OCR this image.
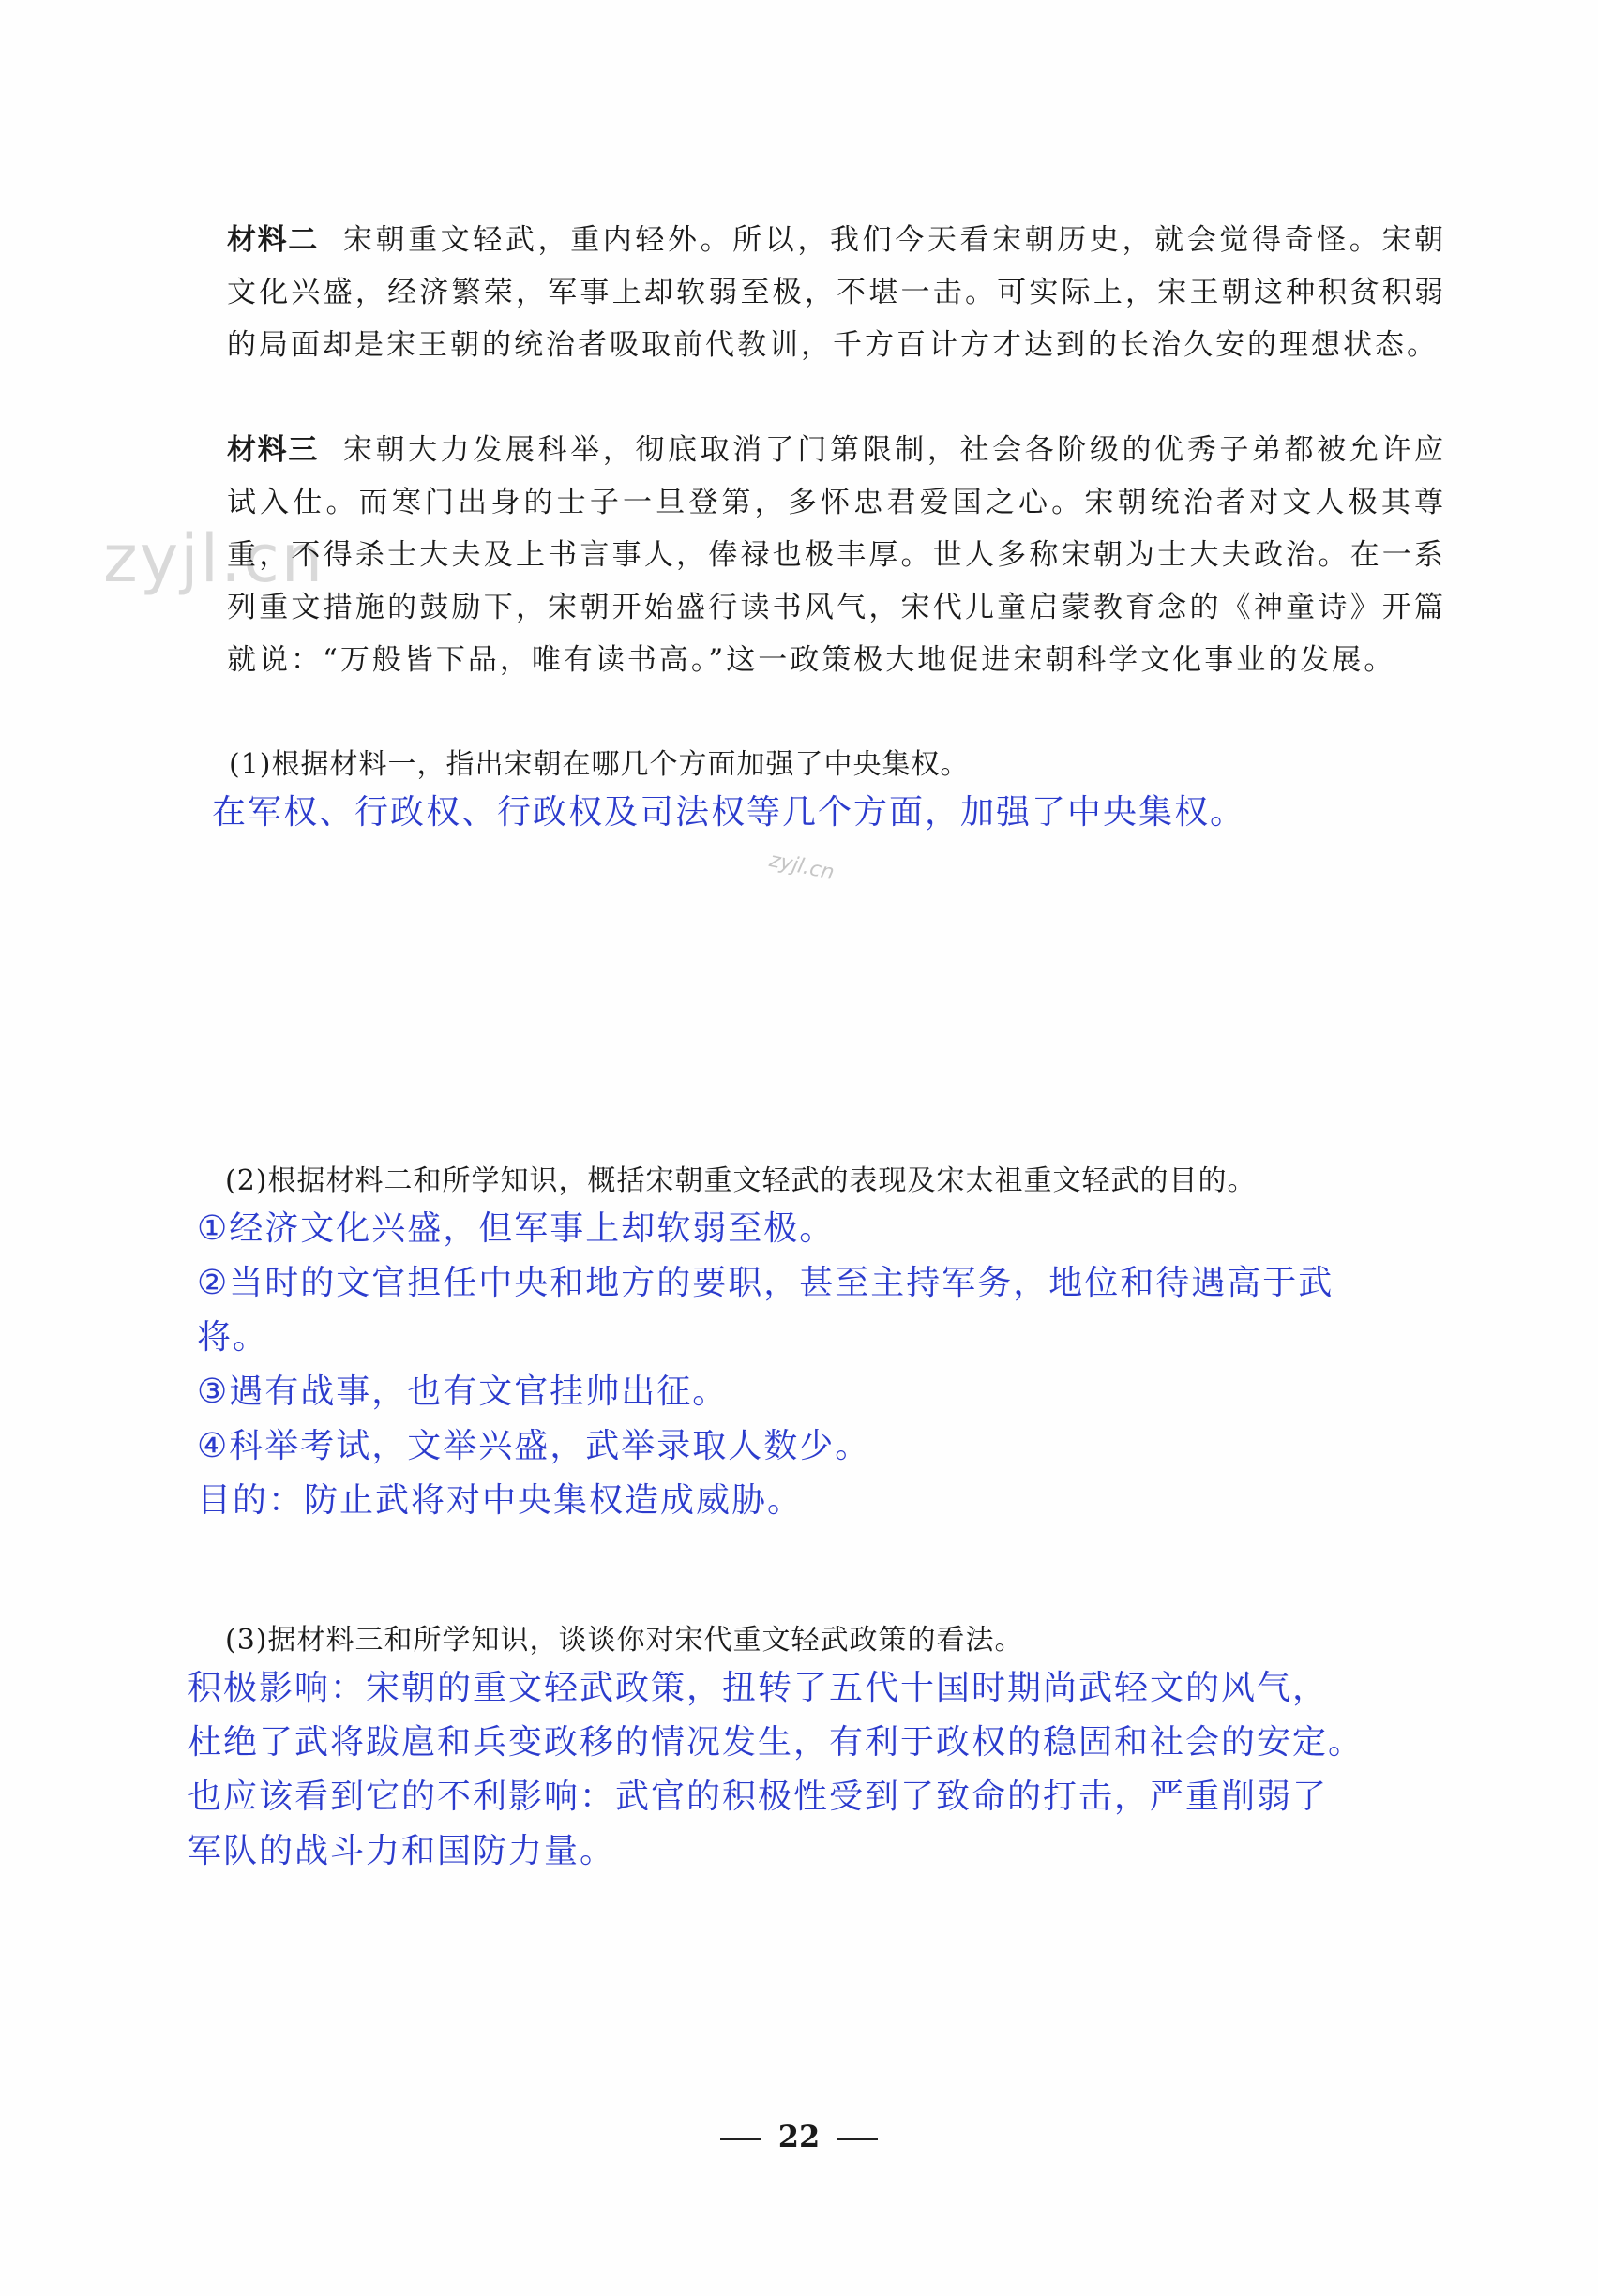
zyjl.cn
zyjl.cn
材料二 宋朝重文轻武，重内轻外。所以，我们今天看宋朝历史，就会觉得奇怪。宋朝文化兴盛，经济繁荣，军事上却软弱至极，不堪一击。可实际上，宋王朝这种积贫积弱的局面却是宋王朝的统治者吸取前代教训，千方百计方才达到的长治久安的理想状态。
材料三 宋朝大力发展科举，彻底取消了门第限制，社会各阶级的优秀子弟都被允许应试入仕。而寒门出身的士子一旦登第，多怀忠君爱国之心。宋朝统治者对文人极其尊重，不得杀士大夫及上书言事人，俸禄也极丰厚。世人多称宋朝为士大夫政治。在一系列重文措施的鼓励下，宋朝开始盛行读书风气，宋代儿童启蒙教育念的《神童诗》开篇就说：“万般皆下品，唯有读书高。”这一政策极大地促进宋朝科学文化事业的发展。
(1)根据材料一，指出宋朝在哪几个方面加强了中央集权。
在军权、行政权、行政权及司法权等几个方面，加强了中央集权。
(2)根据材料二和所学知识，概括宋朝重文轻武的表现及宋太祖重文轻武的目的。
①经济文化兴盛，但军事上却软弱至极。
②当时的文官担任中央和地方的要职，甚至主持军务，地位和待遇高于武
将。
③遇有战事，也有文官挂帅出征。
④科举考试，文举兴盛，武举录取人数少。
目的：防止武将对中央集权造成威胁。
(3)据材料三和所学知识，谈谈你对宋代重文轻武政策的看法。
积极影响：宋朝的重文轻武政策，扭转了五代十国时期尚武轻文的风气，
杜绝了武将跋扈和兵变政移的情况发生，有利于政权的稳固和社会的安定。
也应该看到它的不利影响：武官的积极性受到了致命的打击，严重削弱了
军队的战斗力和国防力量。
22
